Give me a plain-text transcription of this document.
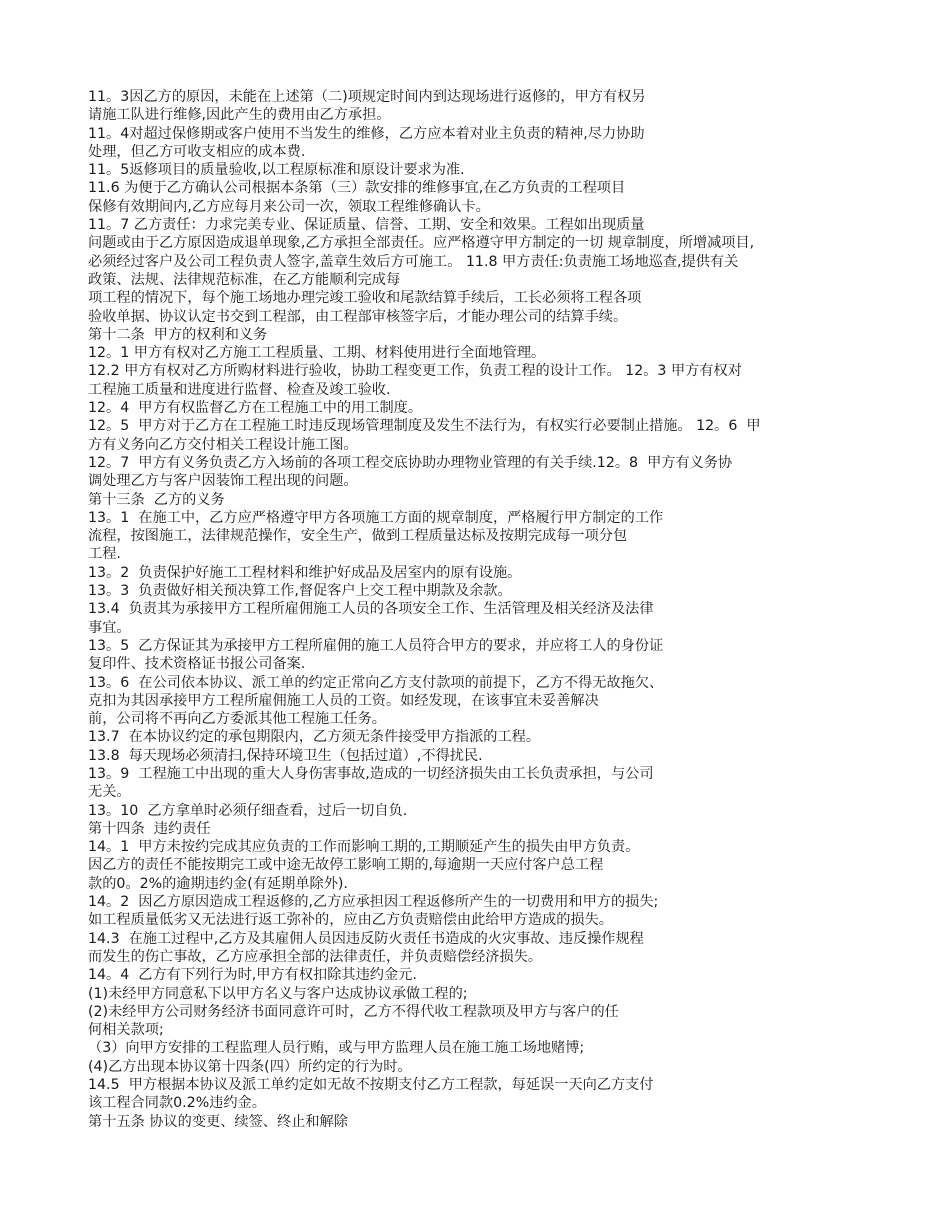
11。3因乙方的原因，未能在上述第（二)项规定时间内到达现场进行返修的，甲方有权另
请施工队进行维修,因此产生的费用由乙方承担。
11。4对超过保修期或客户使用不当发生的维修，乙方应本着对业主负责的精神,尽力协助
处理，但乙方可收支相应的成本费.
11。5返修项目的质量验收,以工程原标准和原设计要求为准.
11.6 为便于乙方确认公司根据本条第（三）款安排的维修事宜,在乙方负责的工程项目
保修有效期间内,乙方应每月来公司一次，领取工程维修确认卡。
11。7 乙方责任：力求完美专业、保证质量、信誉、工期、安全和效果。工程如出现质量
问题或由于乙方原因造成退单现象,乙方承担全部责任。应严格遵守甲方制定的一切 规章制度，所增减项目,
必须经过客户及公司工程负责人签字,盖章生效后方可施工。 11.8 甲方责任:负责施工场地巡查,提供有关
政策、法规、法律规范标准，在乙方能顺利完成每
项工程的情况下，每个施工场地办理完竣工验收和尾款结算手续后，工长必须将工程各项
验收单据、协议认定书交到工程部，由工程部审核签字后，才能办理公司的结算手续。
第十二条  甲方的权利和义务
12。1 甲方有权对乙方施工工程质量、工期、材料使用进行全面地管理。
12.2 甲方有权对乙方所购材料进行验收，协助工程变更工作，负责工程的设计工作。 12。3 甲方有权对
工程施工质量和进度进行监督、检查及竣工验收.
12。4  甲方有权监督乙方在工程施工中的用工制度。
12。5  甲方对于乙方在工程施工时违反现场管理制度及发生不法行为，有权实行必要制止措施。 12。6  甲
方有义务向乙方交付相关工程设计施工图。
12。7  甲方有义务负责乙方入场前的各项工程交底协助办理物业管理的有关手续.12。8  甲方有义务协
调处理乙方与客户因装饰工程出现的问题。
第十三条  乙方的义务
13。1  在施工中，乙方应严格遵守甲方各项施工方面的规章制度，严格履行甲方制定的工作
流程，按图施工，法律规范操作，安全生产，做到工程质量达标及按期完成每一项分包
工程.
13。2  负责保护好施工工程材料和维护好成品及居室内的原有设施。
13。3  负责做好相关预决算工作,督促客户上交工程中期款及余款。
13.4  负责其为承接甲方工程所雇佣施工人员的各项安全工作、生活管理及相关经济及法律
事宜。
13。5  乙方保证其为承接甲方工程所雇佣的施工人员符合甲方的要求，并应将工人的身份证
复印件、技术资格证书报公司备案.
13。6  在公司依本协议、派工单的约定正常向乙方支付款项的前提下，乙方不得无故拖欠、
克扣为其因承接甲方工程所雇佣施工人员的工资。如经发现，在该事宜未妥善解决
前，公司将不再向乙方委派其他工程施工任务。
13.7  在本协议约定的承包期限内，乙方须无条件接受甲方指派的工程。
13.8  每天现场必须清扫,保持环境卫生（包括过道）,不得扰民.
13。9  工程施工中出现的重大人身伤害事故,造成的一切经济损失由工长负责承担，与公司
无关。
13。10  乙方拿单时必须仔细查看，过后一切自负.
第十四条  违约责任
14。1  甲方未按约完成其应负责的工作而影响工期的,工期顺延产生的损失由甲方负责。
因乙方的责任不能按期完工或中途无故停工影响工期的,每逾期一天应付客户总工程
款的0。2%的逾期违约金(有延期单除外).
14。2  因乙方原因造成工程返修的,乙方应承担因工程返修所产生的一切费用和甲方的损失;
如工程质量低劣又无法进行返工弥补的，应由乙方负责赔偿由此给甲方造成的损失。
14.3  在施工过程中,乙方及其雇佣人员因违反防火责任书造成的火灾事故、违反操作规程
而发生的伤亡事故，乙方应承担全部的法律责任，并负责赔偿经济损失。
14。4  乙方有下列行为时,甲方有权扣除其违约金元.
(1)未经甲方同意私下以甲方名义与客户达成协议承做工程的;
(2)未经甲方公司财务经济书面同意许可时，乙方不得代收工程款项及甲方与客户的任
何相关款项;
（3）向甲方安排的工程监理人员行贿，或与甲方监理人员在施工施工场地赌博;
(4)乙方出现本协议第十四条(四）所约定的行为时。
14.5  甲方根据本协议及派工单约定如无故不按期支付乙方工程款，每延误一天向乙方支付
该工程合同款0.2%违约金。
第十五条 协议的变更、续签、终止和解除
